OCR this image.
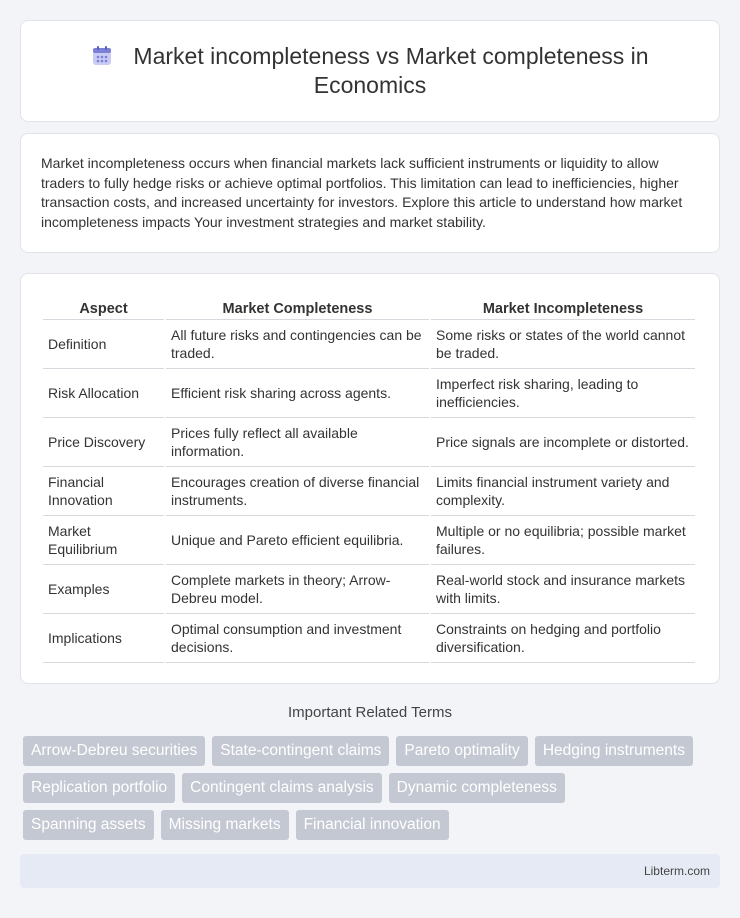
Market incompleteness vs Market completeness in Economics

Market incompleteness occurs when financial markets lack sufficient instruments or liquidity to allow traders to fully hedge risks or achieve optimal portfolios. This limitation can lead to inefficiencies, higher transaction costs, and increased uncertainty for investors. Explore this article to understand how market incompleteness impacts Your investment strategies and market stability.

Aspect	Market Completeness	Market Incompleteness
Definition	All future risks and contingencies can be traded.	Some risks or states of the world cannot be traded.
Risk Allocation	Efficient risk sharing across agents.	Imperfect risk sharing, leading to inefficiencies.
Price Discovery	Prices fully reflect all available information.	Price signals are incomplete or distorted.
Financial Innovation	Encourages creation of diverse financial instruments.	Limits financial instrument variety and complexity.
Market Equilibrium	Unique and Pareto efficient equilibria.	Multiple or no equilibria; possible market failures.
Examples	Complete markets in theory; Arrow-Debreu model.	Real-world stock and insurance markets with limits.
Implications	Optimal consumption and investment decisions.	Constraints on hedging and portfolio diversification.
Important Related Terms
Arrow-Debreu securities	State-contingent claims	Pareto optimality	Hedging instruments
Replication portfolio	Contingent claims analysis	Dynamic completeness
Spanning assets	Missing markets	Financial innovation
Libterm.com
